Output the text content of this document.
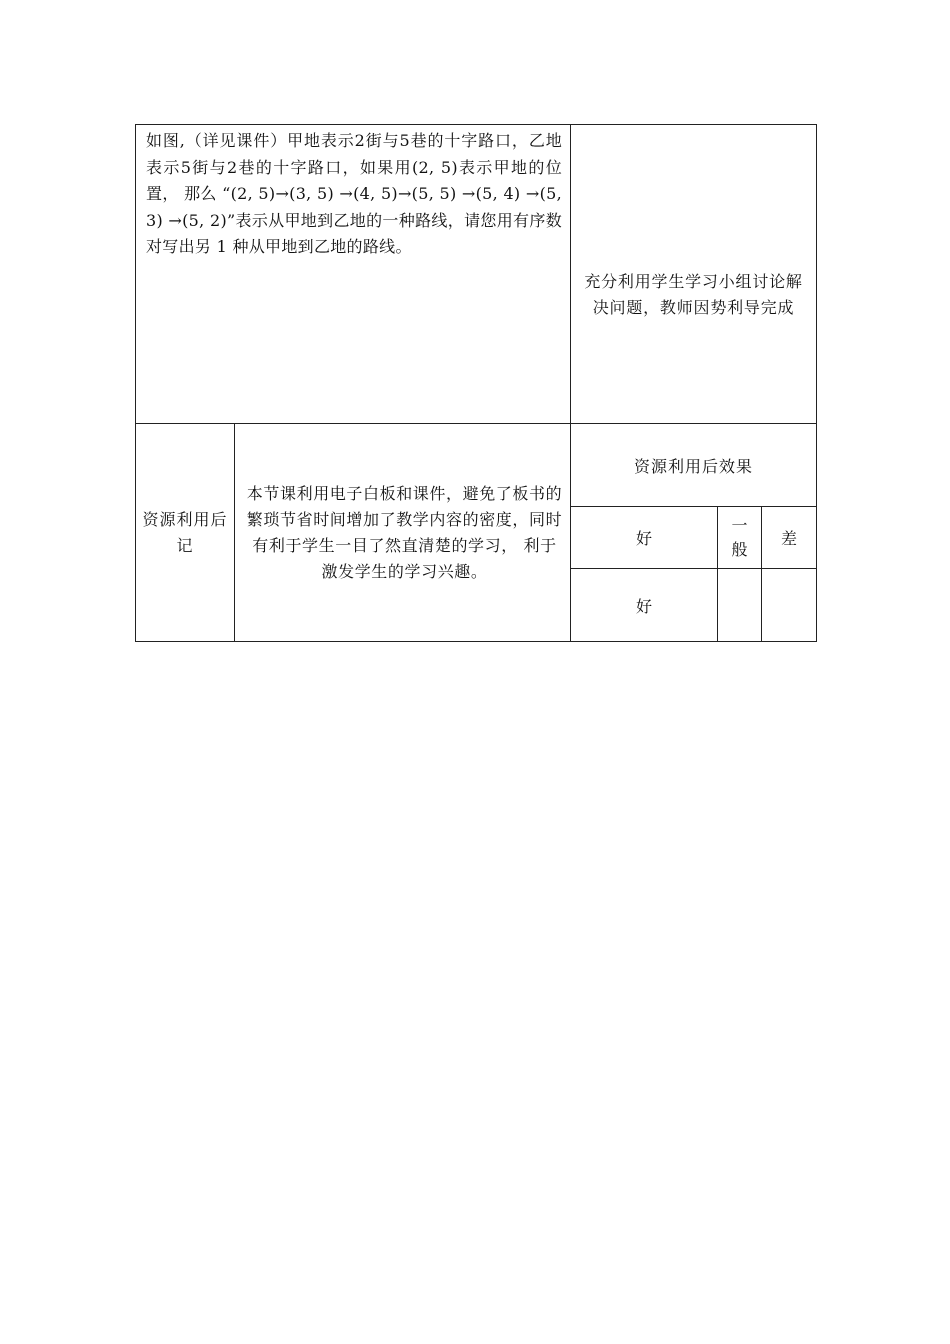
如图,（详见课件）甲地表示2街与5巷的十字路口，乙地表示5街与2巷的十字路口，如果用(2, 5)表示甲地的位置， 那么 “(2, 5)→(3, 5) →(4, 5)→(5, 5) →(5, 4) →(5, 3) →(5, 2)”表示从甲地到乙地的一种路线，请您用有序数对写出另 1 种从甲地到乙地的路线。		充分利用学生学习小组讨论解决问题，教师因势利导完成		

资源利用后记	本节课利用电子白板和课件，避免了板书的繁琐节省时间增加了教学内容的密度，同时有利于学生一目了然直清楚的学习， 利于激发学生的学习兴趣。	资源利用后效果		
		好	一般	差
		好		
